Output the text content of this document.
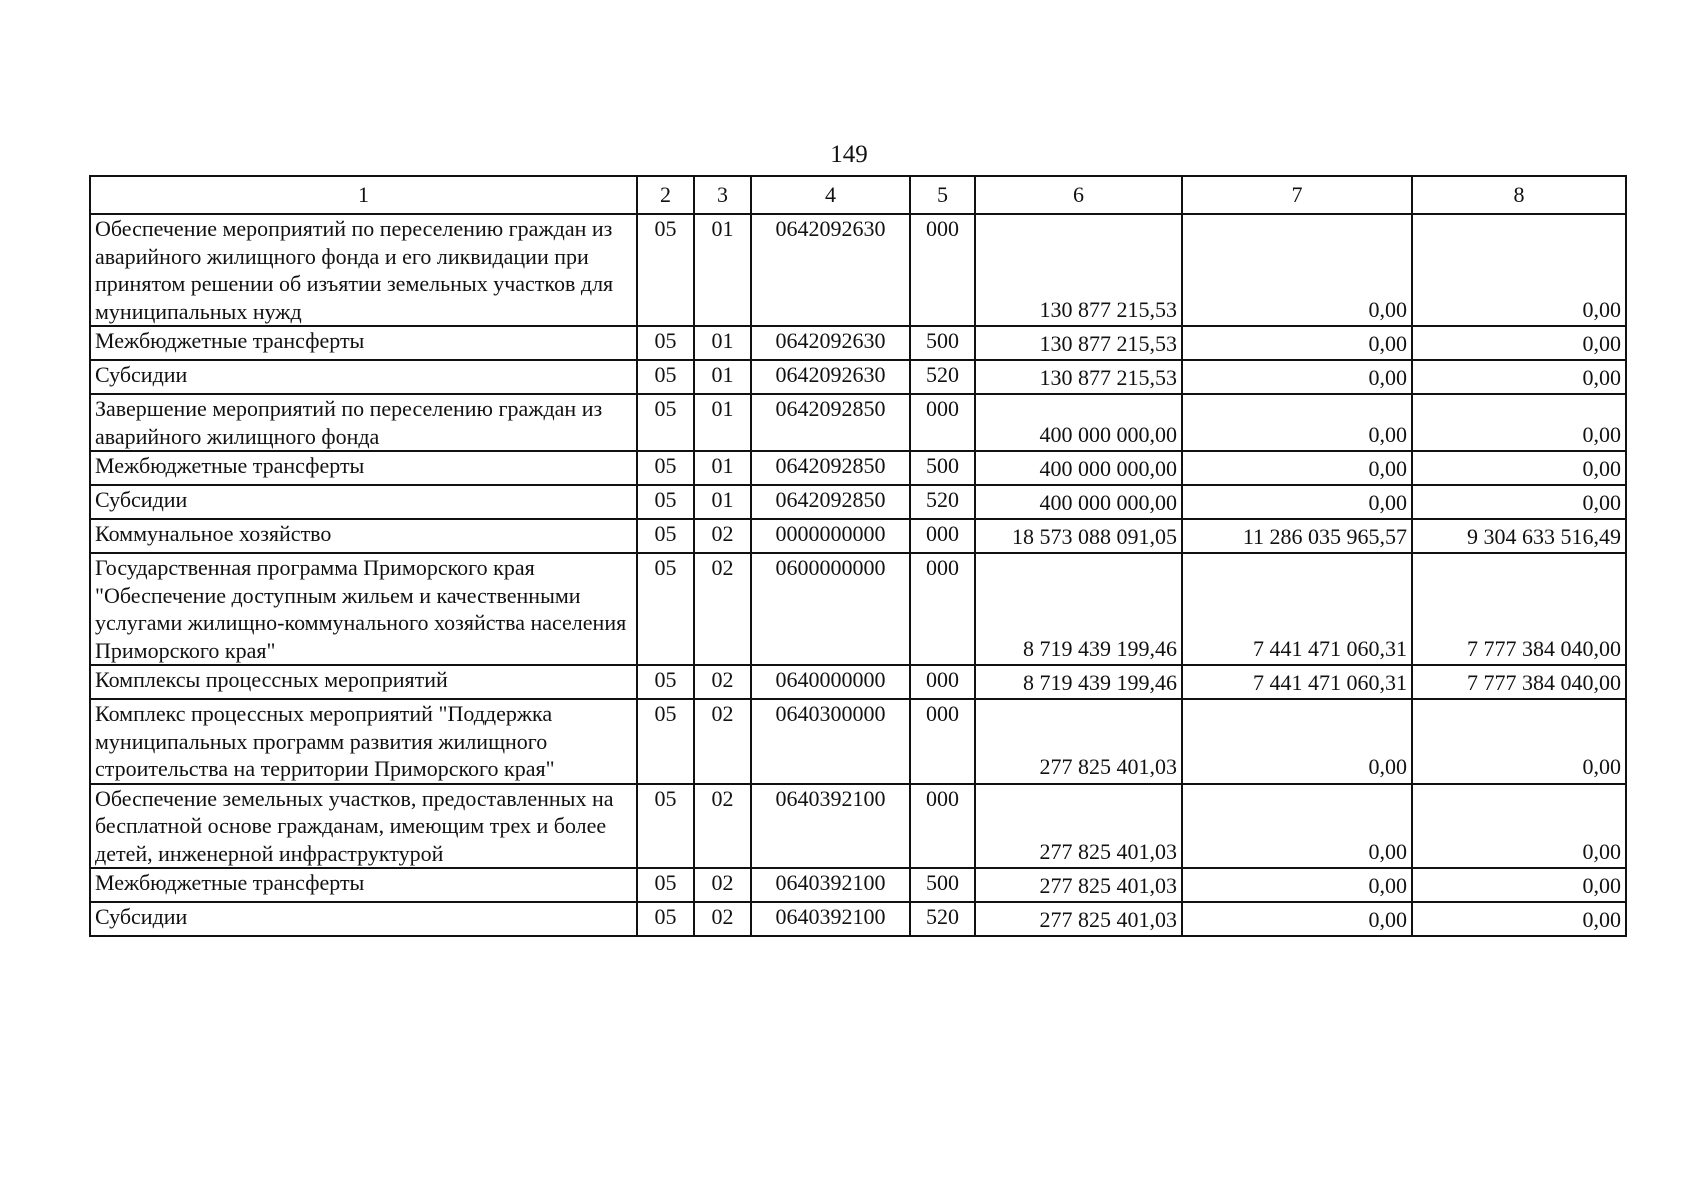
149
1	2	3	4	5	6	7	8
Обеспечение мероприятий по переселению граждан из аварийного жилищного фонда и его ликвидации при принятом решении об изъятии земельных участков для муниципальных нужд	05	01	0642092630	000	130 877 215,53	0,00	0,00
Межбюджетные трансферты	05	01	0642092630	500	130 877 215,53	0,00	0,00
Субсидии	05	01	0642092630	520	130 877 215,53	0,00	0,00
Завершение мероприятий по переселению граждан из аварийного жилищного фонда	05	01	0642092850	000	400 000 000,00	0,00	0,00
Межбюджетные трансферты	05	01	0642092850	500	400 000 000,00	0,00	0,00
Субсидии	05	01	0642092850	520	400 000 000,00	0,00	0,00
Коммунальное хозяйство	05	02	0000000000	000	18 573 088 091,05	11 286 035 965,57	9 304 633 516,49
Государственная программа Приморского края "Обеспечение доступным жильем и качественными услугами жилищно-коммунального хозяйства населения Приморского края"	05	02	0600000000	000	8 719 439 199,46	7 441 471 060,31	7 777 384 040,00
Комплексы процессных мероприятий	05	02	0640000000	000	8 719 439 199,46	7 441 471 060,31	7 777 384 040,00
Комплекс процессных мероприятий "Поддержка муниципальных программ развития жилищного строительства на территории Приморского края"	05	02	0640300000	000	277 825 401,03	0,00	0,00
Обеспечение земельных участков, предоставленных на бесплатной основе гражданам, имеющим трех и более детей, инженерной инфраструктурой	05	02	0640392100	000	277 825 401,03	0,00	0,00
Межбюджетные трансферты	05	02	0640392100	500	277 825 401,03	0,00	0,00
Субсидии	05	02	0640392100	520	277 825 401,03	0,00	0,00
